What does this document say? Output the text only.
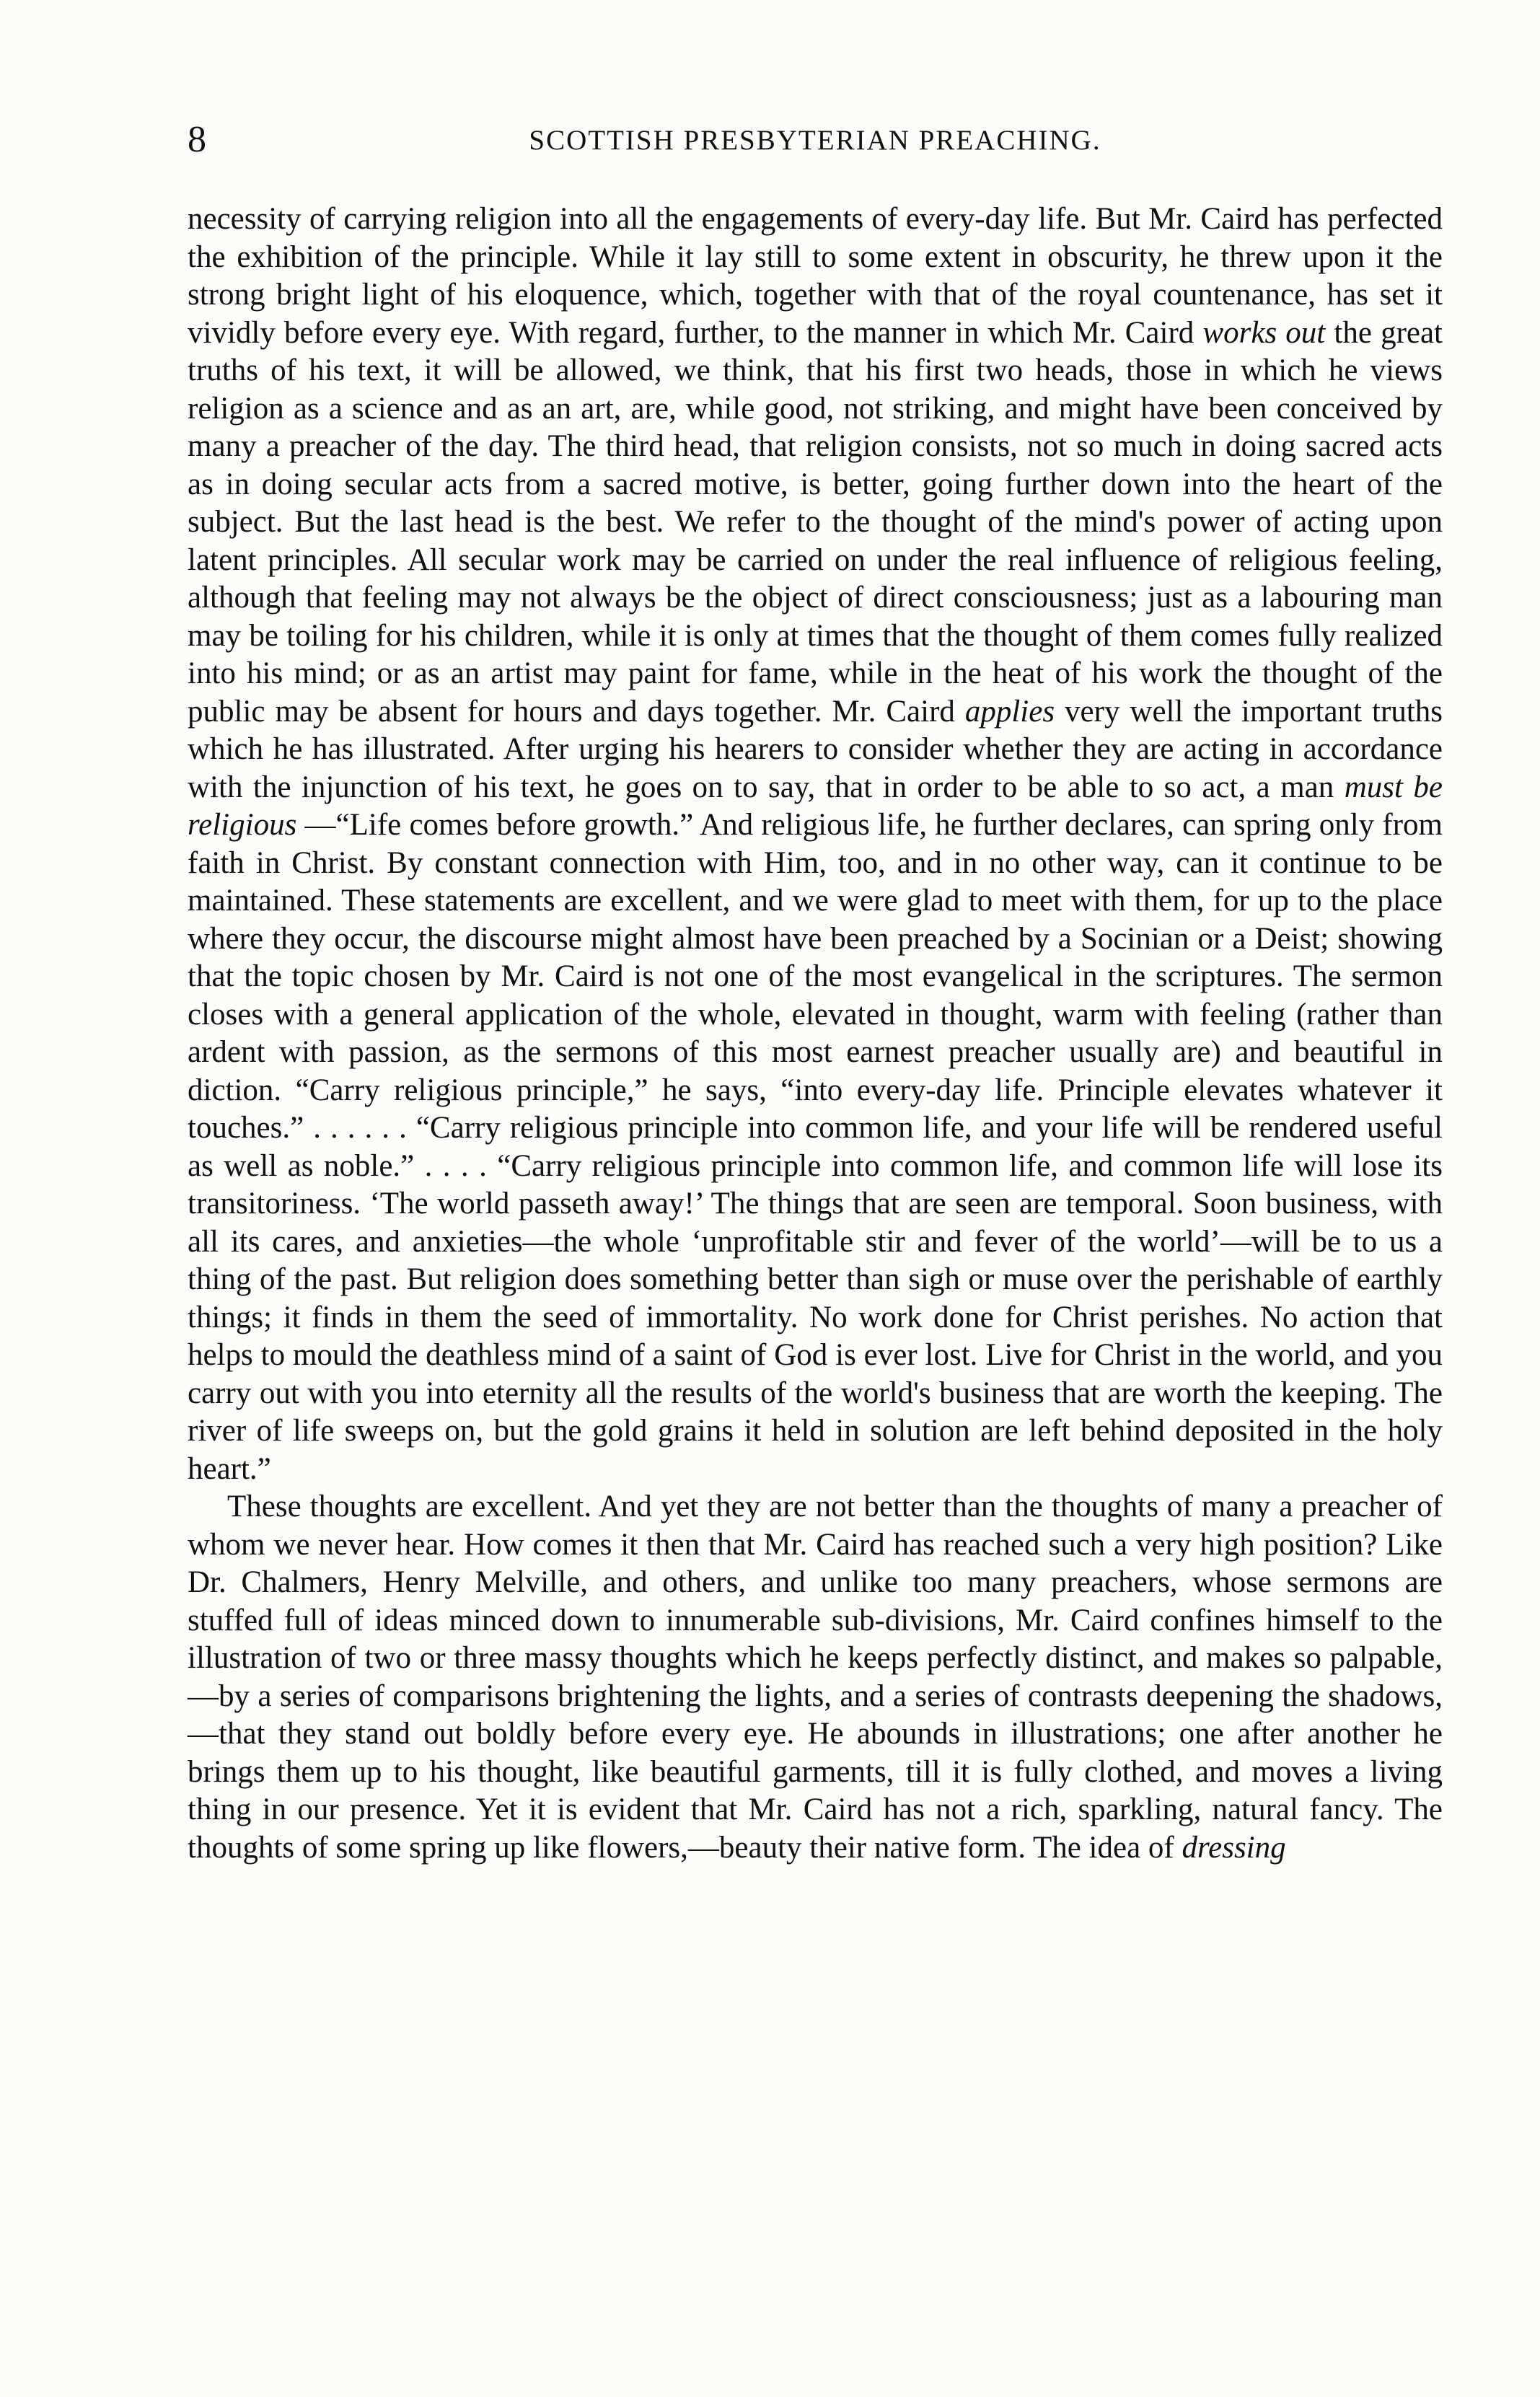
8	SCOTTISH PRESBYTERIAN PREACHING.

necessity of carrying religion into all the engagements of every-day life. But Mr. Caird has perfected the exhibition of the principle. While it lay still to some extent in obscurity, he threw upon it the strong bright light of his eloquence, which, together with that of the royal countenance, has set it vividly before every eye. With regard, further, to the manner in which Mr. Caird works out the great truths of his text, it will be allowed, we think, that his first two heads, those in which he views religion as a science and as an art, are, while good, not striking, and might have been conceived by many a preacher of the day. The third head, that religion consists, not so much in doing sacred acts as in doing secular acts from a sacred motive, is better, going further down into the heart of the subject. But the last head is the best. We refer to the thought of the mind's power of acting upon latent principles. All secular work may be carried on under the real influence of religious feeling, although that feeling may not always be the object of direct consciousness; just as a labouring man may be toiling for his children, while it is only at times that the thought of them comes fully realized into his mind; or as an artist may paint for fame, while in the heat of his work the thought of the public may be absent for hours and days together. Mr. Caird applies very well the important truths which he has illustrated. After urging his hearers to consider whether they are acting in accordance with the injunction of his text, he goes on to say, that in order to be able to so act, a man must be religious —“Life comes before growth.” And religious life, he further declares, can spring only from faith in Christ. By constant connection with Him, too, and in no other way, can it continue to be maintained. These statements are excellent, and we were glad to meet with them, for up to the place where they occur, the discourse might almost have been preached by a Socinian or a Deist; showing that the topic chosen by Mr. Caird is not one of the most evangelical in the scriptures. The sermon closes with a general application of the whole, elevated in thought, warm with feeling (rather than ardent with passion, as the sermons of this most earnest preacher usually are) and beautiful in diction. “Carry religious principle,” he says, “into every-day life. Principle elevates whatever it touches.” . . . . . . “Carry religious principle into common life, and your life will be rendered useful as well as noble.” . . . . “Carry religious principle into common life, and common life will lose its transitoriness. ‘The world passeth away!’ The things that are seen are temporal. Soon business, with all its cares, and anxieties—the whole ‘unprofitable stir and fever of the world’—will be to us a thing of the past. But religion does something better than sigh or muse over the perishable of earthly things; it finds in them the seed of immortality. No work done for Christ perishes. No action that helps to mould the deathless mind of a saint of God is ever lost. Live for Christ in the world, and you carry out with you into eternity all the results of the world's business that are worth the keeping. The river of life sweeps on, but the gold grains it held in solution are left behind deposited in the holy heart.”

These thoughts are excellent. And yet they are not better than the thoughts of many a preacher of whom we never hear. How comes it then that Mr. Caird has reached such a very high position? Like Dr. Chalmers, Henry Melville, and others, and unlike too many preachers, whose sermons are stuffed full of ideas minced down to innumerable sub-divisions, Mr. Caird confines himself to the illustration of two or three massy thoughts which he keeps perfectly distinct, and makes so palpable,—by a series of comparisons brightening the lights, and a series of contrasts deepening the shadows,—that they stand out boldly before every eye. He abounds in illustrations; one after another he brings them up to his thought, like beautiful garments, till it is fully clothed, and moves a living thing in our presence. Yet it is evident that Mr. Caird has not a rich, sparkling, natural fancy. The thoughts of some spring up like flowers,—beauty their native form. The idea of dressing
